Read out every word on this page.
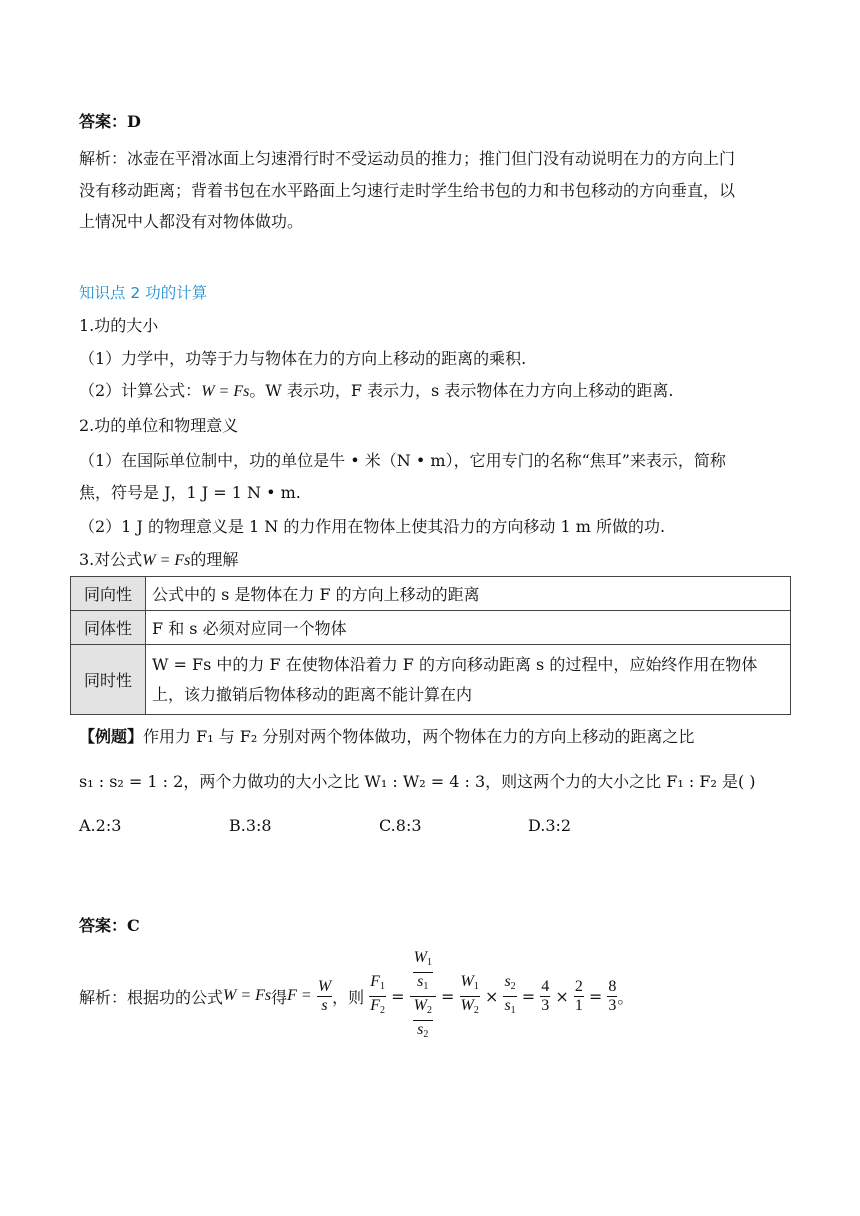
答案：D
解析：冰壶在平滑冰面上匀速滑行时不受运动员的推力；推门但门没有动说明在力的方向上门
没有移动距离；背着书包在水平路面上匀速行走时学生给书包的力和书包移动的方向垂直，以
上情况中人都没有对物体做功。
知识点 2 功的计算
1.功的大小
（1）力学中，功等于力与物体在力的方向上移动的距离的乘积.
（2）计算公式：W = Fs。W 表示功，F 表示力，s 表示物体在力方向上移动的距离.
2.功的单位和物理意义
（1）在国际单位制中，功的单位是牛 • 米（N • m），它用专门的名称“焦耳”来表示，简称
焦，符号是 J，1 J = 1 N • m.
（2）1 J 的物理意义是 1 N 的力作用在物体上使其沿力的方向移动 1 m 所做的功.
3.对公式W = Fs的理解
同向性	公式中的 s 是物体在力 F 的方向上移动的距离
同体性	F 和 s 必须对应同一个物体
同时性	W = Fs 中的力 F 在使物体沿着力 F 的方向移动距离 s 的过程中，应始终作用在物体上，该力撤销后物体移动的距离不能计算在内
【例题】作用力 F₁ 与 F₂ 分别对两个物体做功，两个物体在力的方向上移动的距离之比
s₁ : s₂ = 1 : 2，两个力做功的大小之比 W₁ : W₂ = 4 : 3，则这两个力的大小之比 F₁ : F₂ 是( )
A.2:3	B.3:8	C.8:3	D.3:2
答案：C
解析：根据功的公式 W = Fs 得 F =
$\frac{W}{s}$ ，则
$\frac{F_1}{F_2} = \frac{\frac{W_1}{s_1}}{\frac{W_2}{s_2}} = \frac{W_1}{W_2} \times \frac{s_2}{s_1} = \frac{4}{3} \times \frac{2}{1} = \frac{8}{3}$ 。
